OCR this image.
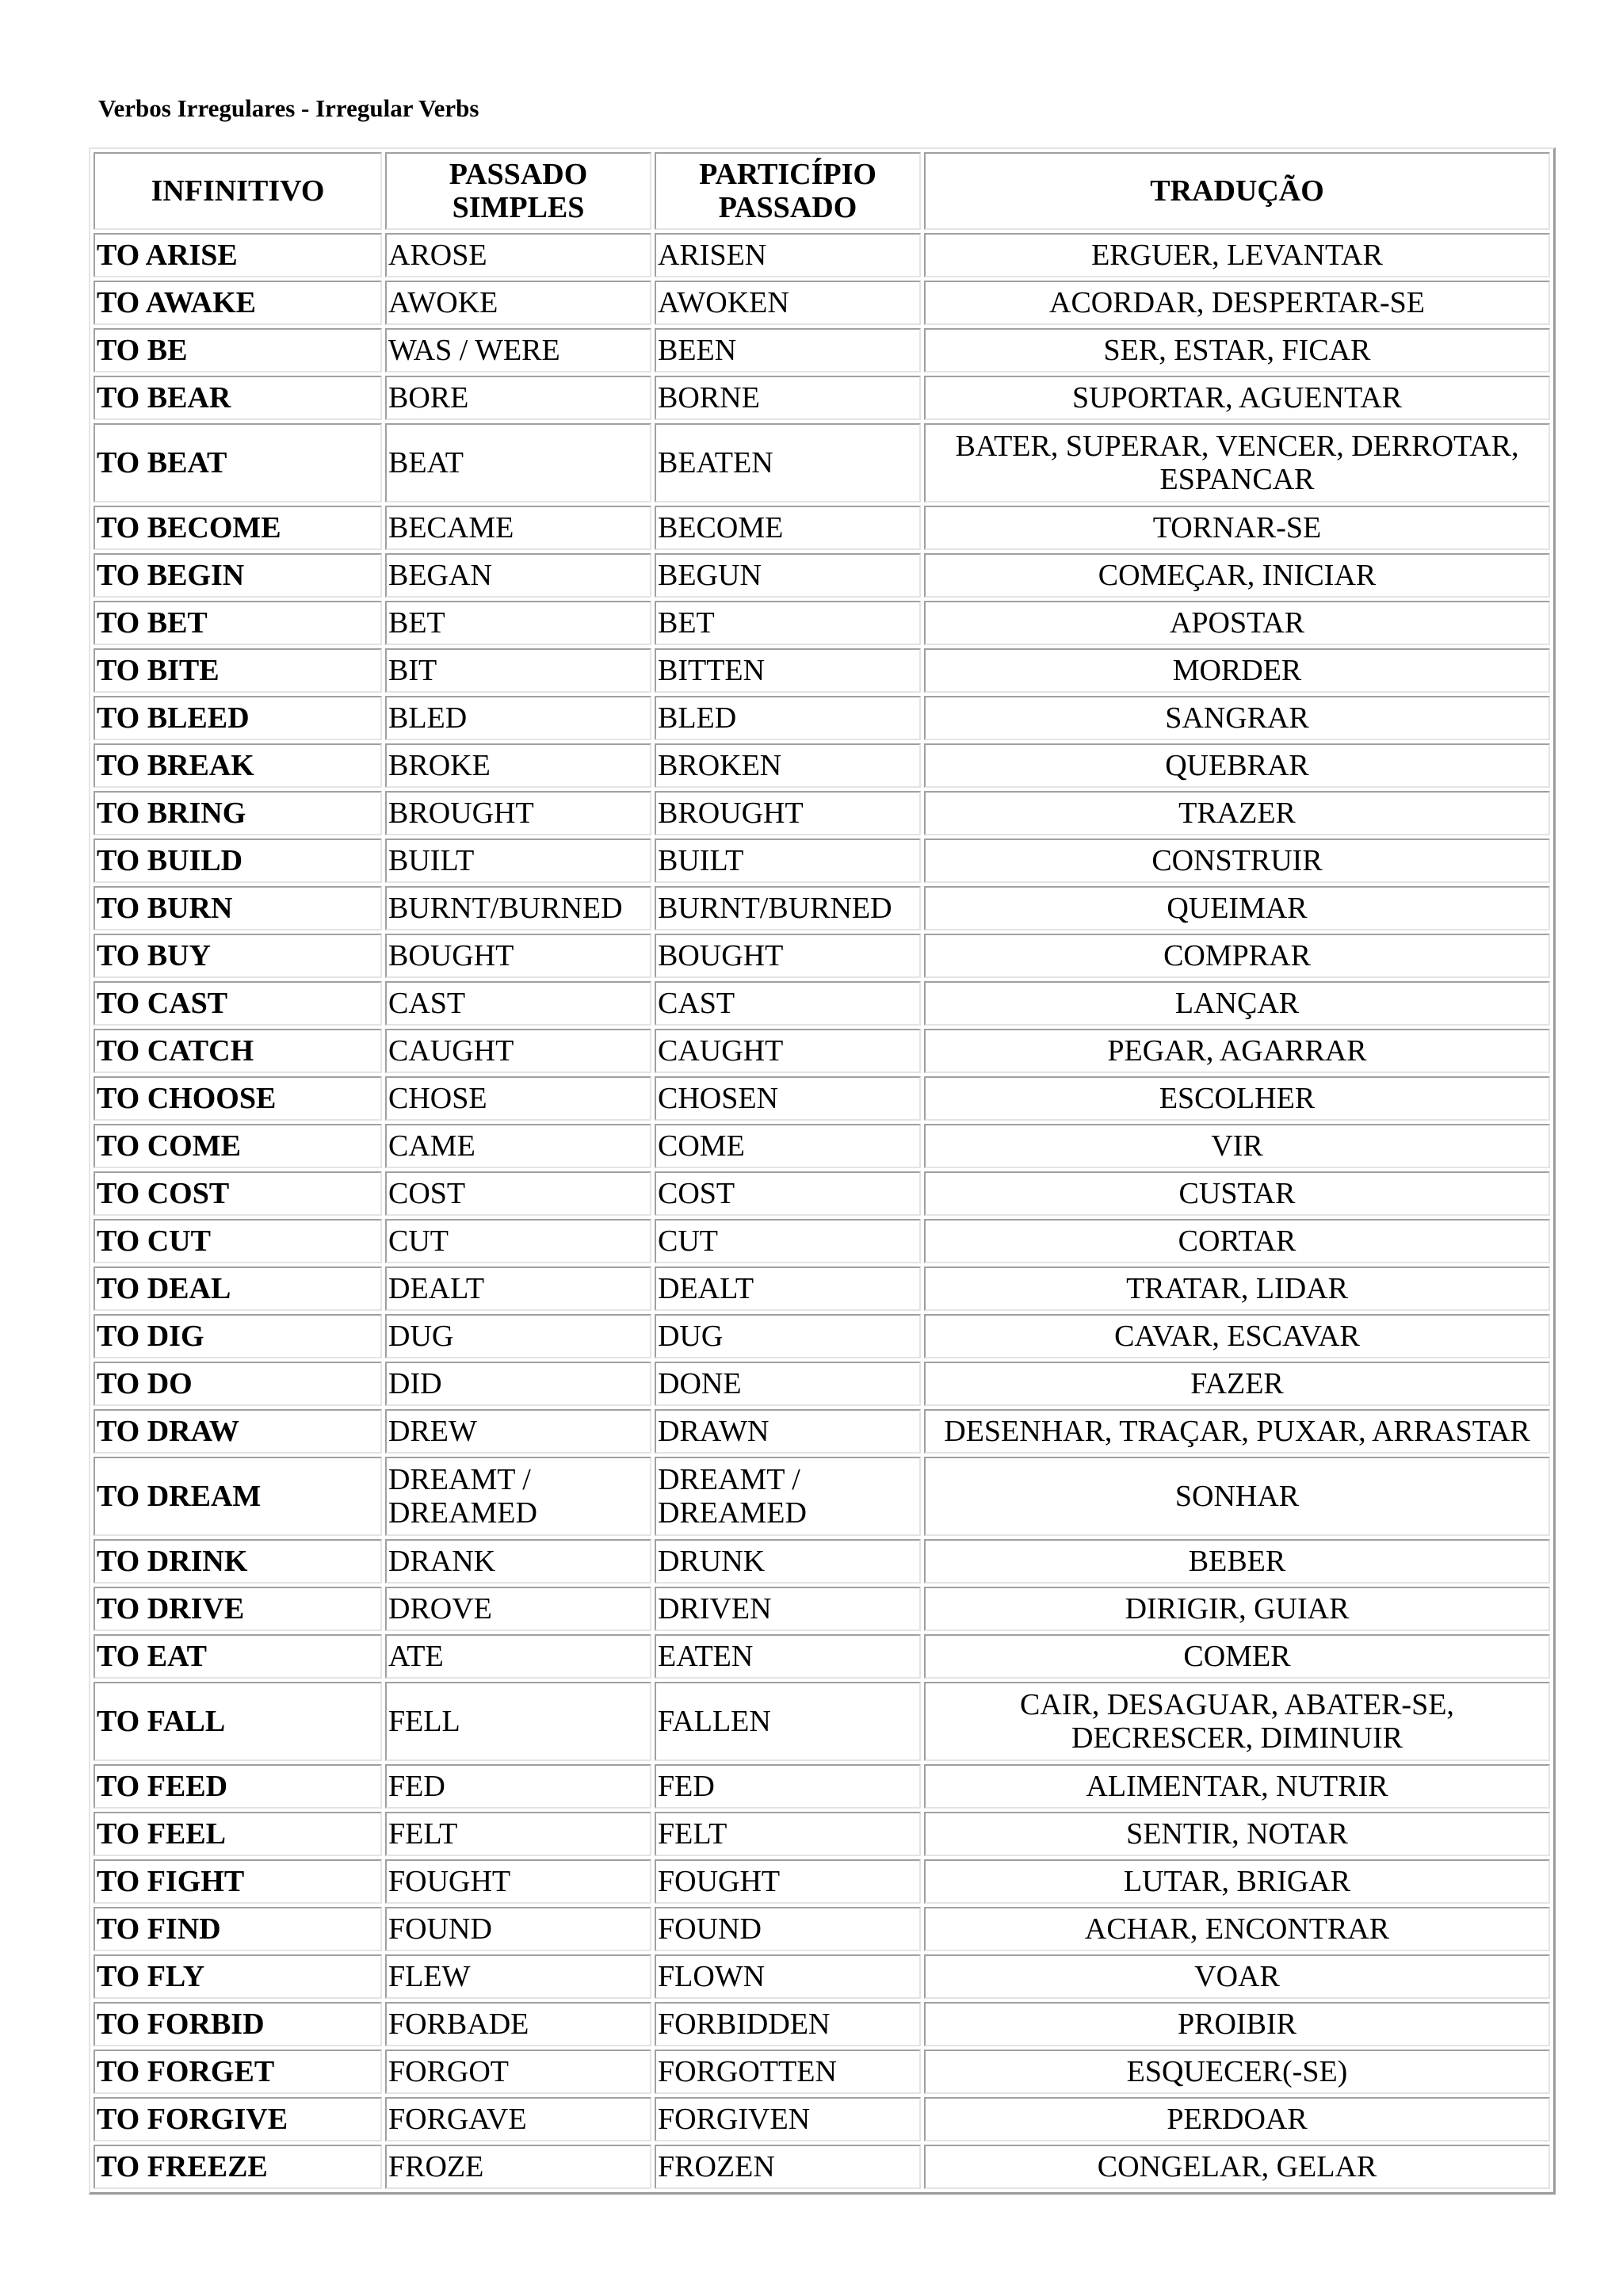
Verbos Irregulares - Irregular Verbs
INFINITIVO	PASSADO SIMPLES	PARTICÍPIO PASSADO	TRADUÇÃO
TO ARISE	AROSE	ARISEN	ERGUER, LEVANTAR
TO AWAKE	AWOKE	AWOKEN	ACORDAR, DESPERTAR-SE
TO BE	WAS / WERE	BEEN	SER, ESTAR, FICAR
TO BEAR	BORE	BORNE	SUPORTAR, AGUENTAR
TO BEAT	BEAT	BEATEN	BATER, SUPERAR, VENCER, DERROTAR, ESPANCAR
TO BECOME	BECAME	BECOME	TORNAR-SE
TO BEGIN	BEGAN	BEGUN	COMEÇAR, INICIAR
TO BET	BET	BET	APOSTAR
TO BITE	BIT	BITTEN	MORDER
TO BLEED	BLED	BLED	SANGRAR
TO BREAK	BROKE	BROKEN	QUEBRAR
TO BRING	BROUGHT	BROUGHT	TRAZER
TO BUILD	BUILT	BUILT	CONSTRUIR
TO BURN	BURNT/BURNED	BURNT/BURNED	QUEIMAR
TO BUY	BOUGHT	BOUGHT	COMPRAR
TO CAST	CAST	CAST	LANÇAR
TO CATCH	CAUGHT	CAUGHT	PEGAR, AGARRAR
TO CHOOSE	CHOSE	CHOSEN	ESCOLHER
TO COME	CAME	COME	VIR
TO COST	COST	COST	CUSTAR
TO CUT	CUT	CUT	CORTAR
TO DEAL	DEALT	DEALT	TRATAR, LIDAR
TO DIG	DUG	DUG	CAVAR, ESCAVAR
TO DO	DID	DONE	FAZER
TO DRAW	DREW	DRAWN	DESENHAR, TRAÇAR, PUXAR, ARRASTAR
TO DREAM	DREAMT / DREAMED	DREAMT / DREAMED	SONHAR
TO DRINK	DRANK	DRUNK	BEBER
TO DRIVE	DROVE	DRIVEN	DIRIGIR, GUIAR
TO EAT	ATE	EATEN	COMER
TO FALL	FELL	FALLEN	CAIR, DESAGUAR, ABATER-SE, DECRESCER, DIMINUIR
TO FEED	FED	FED	ALIMENTAR, NUTRIR
TO FEEL	FELT	FELT	SENTIR, NOTAR
TO FIGHT	FOUGHT	FOUGHT	LUTAR, BRIGAR
TO FIND	FOUND	FOUND	ACHAR, ENCONTRAR
TO FLY	FLEW	FLOWN	VOAR
TO FORBID	FORBADE	FORBIDDEN	PROIBIR
TO FORGET	FORGOT	FORGOTTEN	ESQUECER(-SE)
TO FORGIVE	FORGAVE	FORGIVEN	PERDOAR
TO FREEZE	FROZE	FROZEN	CONGELAR, GELAR
